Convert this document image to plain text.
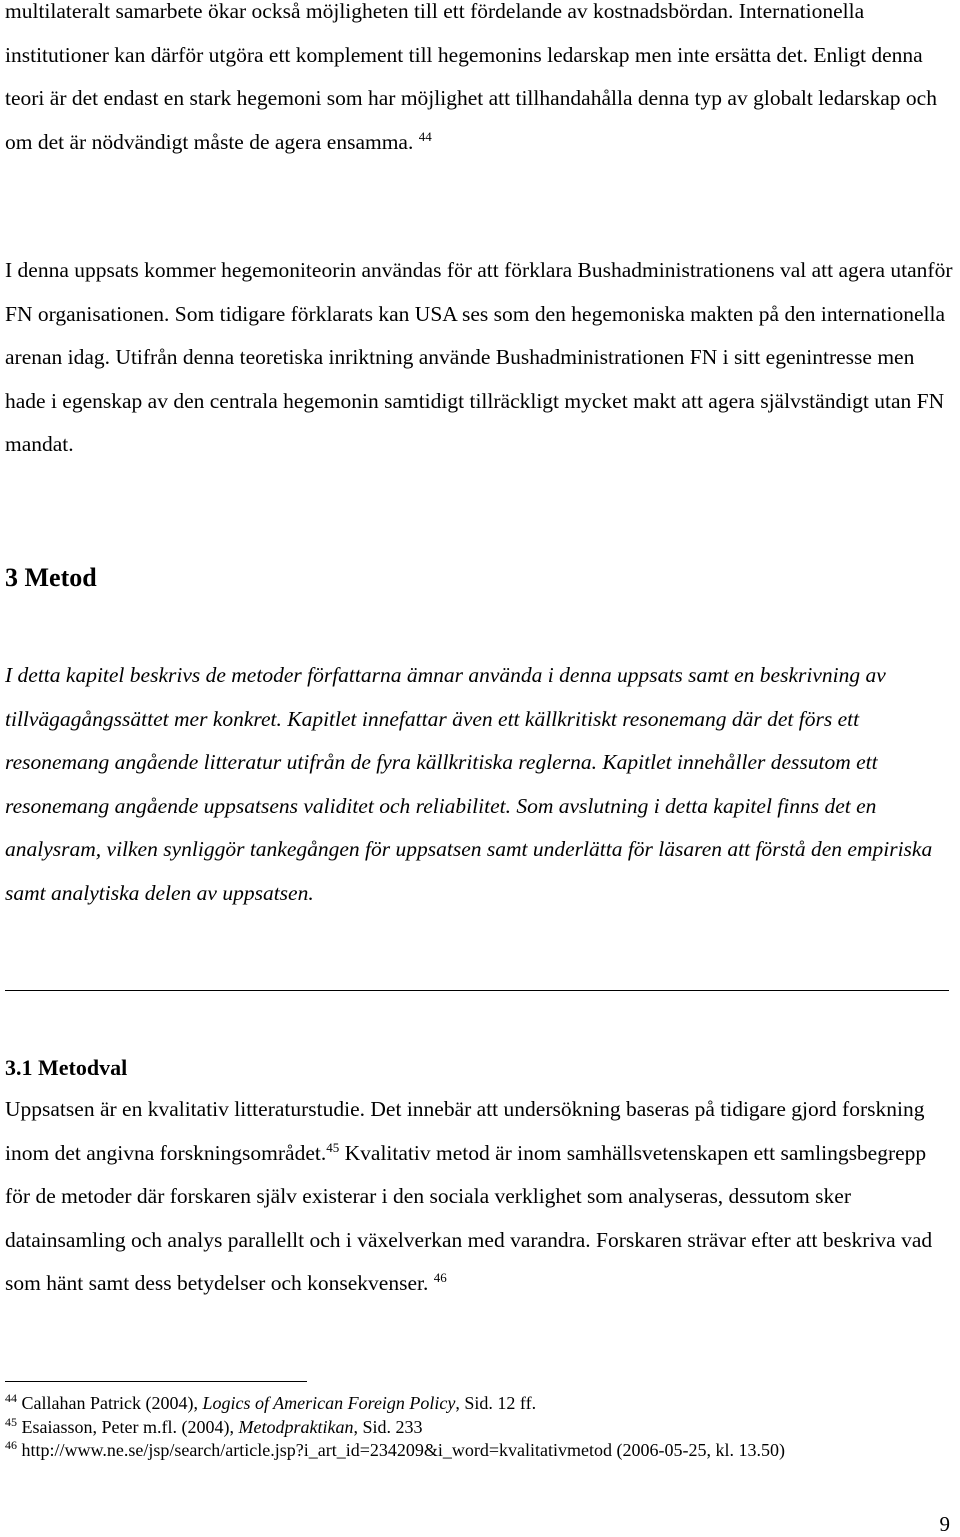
multilateralt samarbete ökar också möjligheten till ett fördelande av kostnadsbördan. Internationella institutioner kan därför utgöra ett komplement till hegemonins ledarskap men inte ersätta det. Enligt denna teori är det endast en stark hegemoni som har möjlighet att tillhandahålla denna typ av globalt ledarskap och om det är nödvändigt måste de agera ensamma. $^{44}$

I denna uppsats kommer hegemoniteorin användas för att förklara Bushadministrationens val att agera utanför FN organisationen. Som tidigare förklarats kan USA ses som den hegemoniska makten på den internationella arenan idag. Utifrån denna teoretiska inriktning använde Bushadministrationen FN i sitt egenintresse men hade i egenskap av den centrala hegemonin samtidigt tillräckligt mycket makt att agera självständigt utan FN mandat.

3 Metod

I detta kapitel beskrivs de metoder författarna ämnar använda i denna uppsats samt en beskrivning av tillvägagångssättet mer konkret. Kapitlet innefattar även ett källkritiskt resonemang där det förs ett resonemang angående litteratur utifrån de fyra källkritiska reglerna. Kapitlet innehåller dessutom ett resonemang angående uppsatsens validitet och reliabilitet. Som avslutning i detta kapitel finns det en analysram, vilken synliggör tankegången för uppsatsen samt underlätta för läsaren att förstå den empiriska samt analytiska delen av uppsatsen.

3.1 Metodval

Uppsatsen är en kvalitativ litteraturstudie. Det innebär att undersökning baseras på tidigare gjord forskning inom det angivna forskningsområdet.$^{45}$ Kvalitativ metod är inom samhällsvetenskapen ett samlingsbegrepp för de metoder där forskaren själv existerar i den sociala verklighet som analyseras, dessutom sker datainsamling och analys parallellt och i växelverkan med varandra. Forskaren strävar efter att beskriva vad som hänt samt dess betydelser och konsekvenser. $^{46}$

$^{44}$ Callahan Patrick (2004), Logics of American Foreign Policy, Sid. 12 ff.

$^{45}$ Esaiasson, Peter m.fl. (2004), Metodpraktikan, Sid. 233

$^{46}$ http://www.ne.se/jsp/search/article.jsp?i_art_id=234209&i_word=kvalitativmetod (2006-05-25, kl. 13.50)

9
